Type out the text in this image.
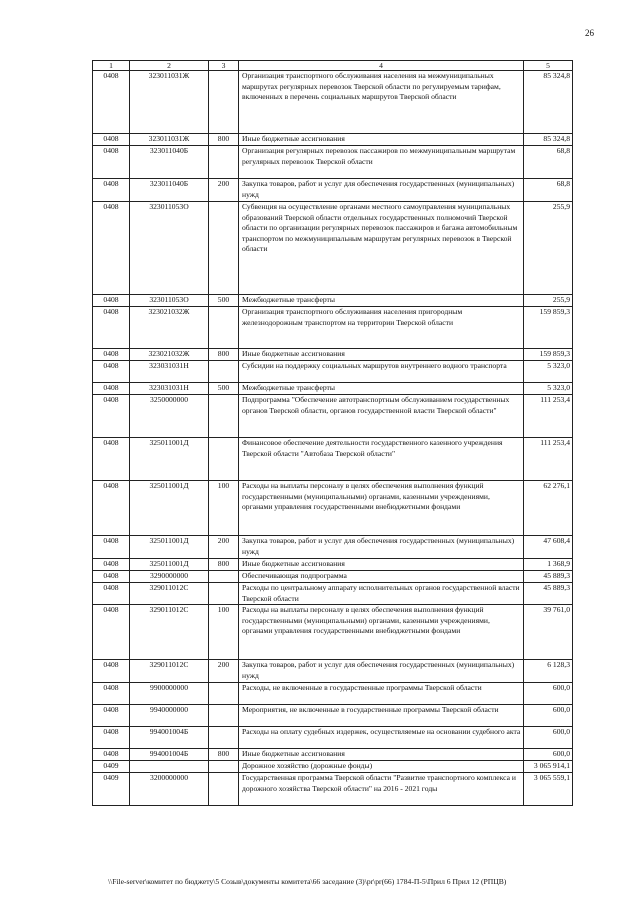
26
1	2	3	4	5
0408	323011031Ж		Организация транспортного обслуживания населения на межмуниципальных маршрутах регулярных перевозок Тверской области по регулируемым тарифам, включенных в перечень социальных маршрутов Тверской области	85 324,8
0408	323011031Ж	800	Иные бюджетные ассигнования	85 324,8
0408	323011040Б		Организация регулярных перевозок пассажиров по межмуниципальным маршрутам регулярных перевозок Тверской области	68,8
0408	323011040Б	200	Закупка товаров, работ и услуг для обеспечения государственных (муниципальных) нужд	68,8
0408	323011053О		Субвенция на осуществление органами местного самоуправления муниципальных образований Тверской области отдельных государственных полномочий Тверской области по организации регулярных перевозок пассажиров и багажа автомобильным транспортом по межмуниципальным маршрутам регулярных перевозок в Тверской области	255,9
0408	323011053О	500	Межбюджетные трансферты	255,9
0408	323021032Ж		Организация транспортного обслуживания населения пригородным железнодорожным транспортом на территории Тверской области	159 859,3
0408	323021032Ж	800	Иные бюджетные ассигнования	159 859,3
0408	323031031Н		Субсидии на поддержку социальных маршрутов внутреннего водного транспорта	5 323,0
0408	323031031Н	500	Межбюджетные трансферты	5 323,0
0408	3250000000		Подпрограмма "Обеспечение автотранспортным обслуживанием государственных органов Тверской области, органов государственной власти Тверской области"	111 253,4
0408	325011001Д		Финансовое обеспечение деятельности государственного казенного учреждения Тверской области "Автобаза Тверской области"	111 253,4
0408	325011001Д	100	Расходы на выплаты персоналу в целях обеспечения выполнения функций государственными (муниципальными) органами, казенными учреждениями, органами управления государственными внебюджетными фондами	62 276,1
0408	325011001Д	200	Закупка товаров, работ и услуг для обеспечения государственных (муниципальных) нужд	47 608,4
0408	325011001Д	800	Иные бюджетные ассигнования	1 368,9
0408	3290000000		Обеспечивающая подпрограмма	45 889,3
0408	329011012С		Расходы по центральному аппарату исполнительных органов государственной власти Тверской области	45 889,3
0408	329011012С	100	Расходы на выплаты персоналу в целях обеспечения выполнения функций государственными (муниципальными) органами, казенными учреждениями, органами управления государственными внебюджетными фондами	39 761,0
0408	329011012С	200	Закупка товаров, работ и услуг для обеспечения государственных (муниципальных) нужд	6 128,3
0408	9900000000		Расходы, не включенные в государственные программы Тверской области	600,0
0408	9940000000		Мероприятия, не включенные в государственные программы Тверской области	600,0
0408	994001004Б		Расходы на оплату судебных издержек, осуществляемые на основании судебного акта	600,0
0408	994001004Б	800	Иные бюджетные ассигнования	600,0
0409			Дорожное хозяйство (дорожные фонды)	3 065 914,1
0409	3200000000		Государственная программа Тверской области "Развитие транспортного комплекса и дорожного хозяйства Тверской области" на 2016 - 2021 годы	3 065 559,1
\\File-server\комитет по бюджету\5 Созыв\документы комитета\66 заседание (3)\pr\pr(66) 1784-П-5\Прил 6 Прил 12 (РПЦВ)
